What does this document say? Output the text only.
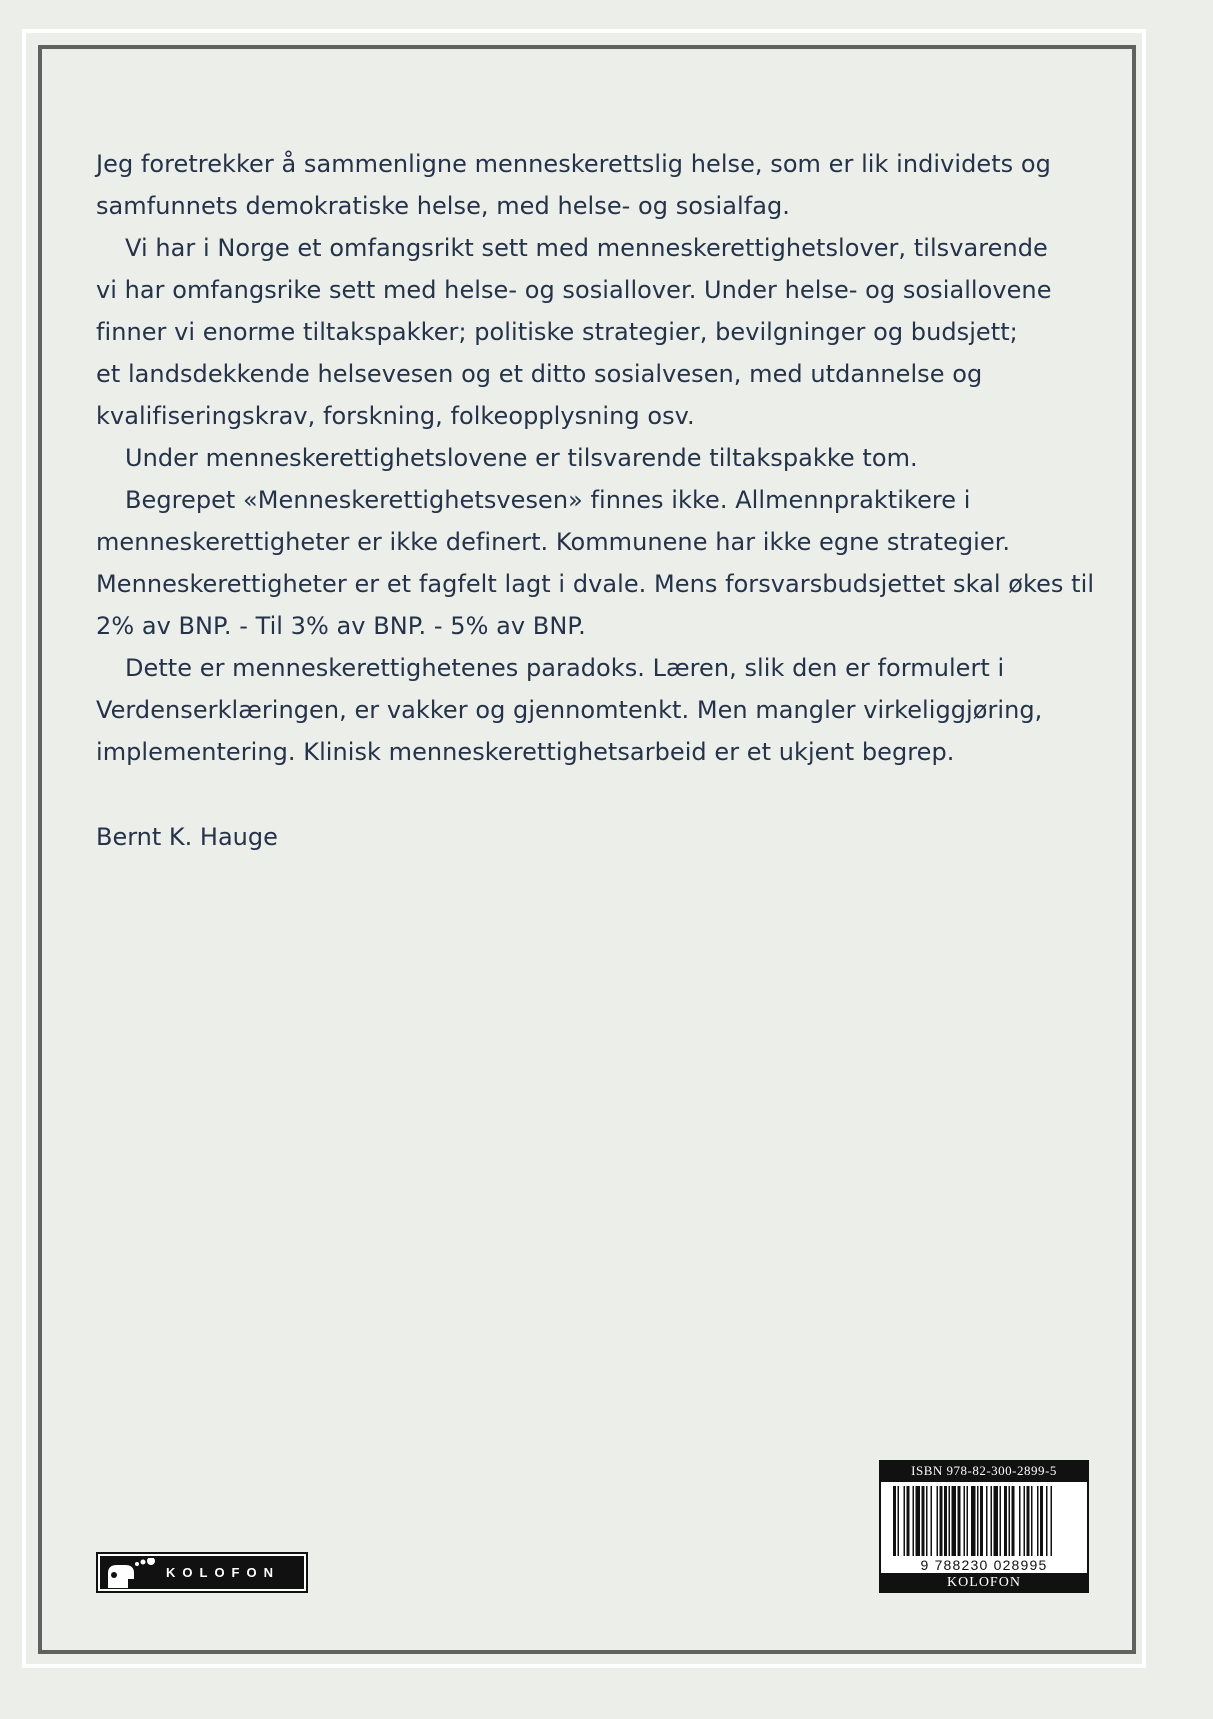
Jeg foretrekker å sammenligne menneskerettslig helse, som er lik individets og
samfunnets demokratiske helse, med helse- og sosialfag.

Vi har i Norge et omfangsrikt sett med menneskerettighetslover, tilsvarende
vi har omfangsrike sett med helse- og sosiallover. Under helse- og sosiallovene
finner vi enorme tiltakspakker; politiske strategier, bevilgninger og budsjett;
et landsdekkende helsevesen og et ditto sosialvesen, med utdannelse og
kvalifiseringskrav, forskning, folkeopplysning osv.

Under menneskerettighetslovene er tilsvarende tiltakspakke tom.

Begrepet «Menneskerettighetsvesen» finnes ikke. Allmennpraktikere i
menneskerettigheter er ikke definert. Kommunene har ikke egne strategier.
Menneskerettigheter er et fagfelt lagt i dvale. Mens forsvarsbudsjettet skal økes til
2% av BNP. - Til 3% av BNP. - 5% av BNP.

Dette er menneskerettighetenes paradoks. Læren, slik den er formulert i
Verdenserklæringen, er vakker og gjennomtenkt. Men mangler virkeliggjøring,
implementering. Klinisk menneskerettighetsarbeid er et ukjent begrep.

Bernt K. Hauge
KOLOFON
ISBN 978-82-300-2899-5
9 788230 028995
KOLOFON
